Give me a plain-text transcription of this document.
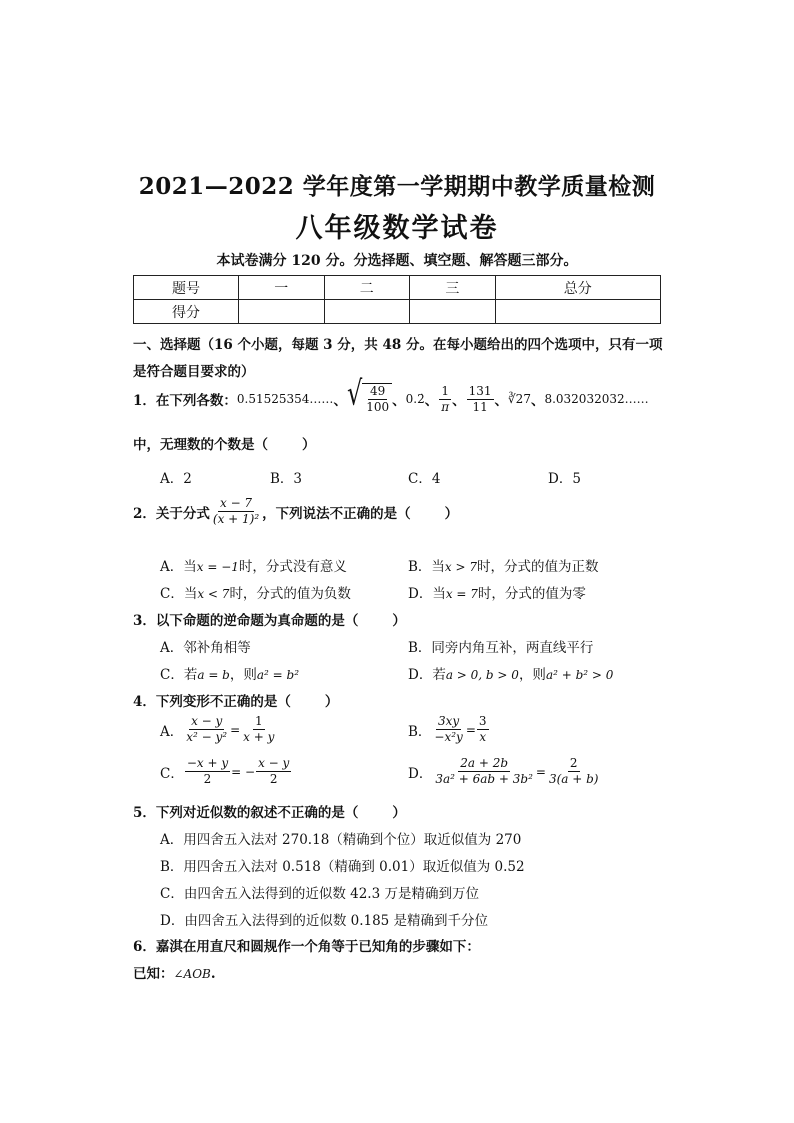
2021—2022 学年度第一学期期中教学质量检测
八年级数学试卷
本试卷满分 120 分。分选择题、填空题、解答题三部分。
题号	一	二	三	总分
得分				
一、选择题（16 个小题，每题 3 分，共 48 分。在每小题给出的四个选项中，只有一项
是符合题目要求的）
1．在下列各数： 0.51525354…… 、 √ $\frac{49}{100}$ 、 0.2̇ 、 $\frac{1}{\pi}$ 、 $\frac{131}{11}$ 、 ∛27 、 8.032032032……
中，无理数的个数是（	）
A．2	B．3	C．4	D．5
2．关于分式 $\frac{x - 7}{\text{(x + 1)²}}$ ，下列说法不正确的是（	）
A．当x = −1时，分式没有意义	B．当x > 7时，分式的值为正数
C．当x < 7时，分式的值为负数	D．当x = 7时，分式的值为零
3．以下命题的逆命题为真命题的是（	）
A．邻补角相等	B．同旁内角互补，两直线平行
C．若a = b，则a² = b²	D．若a > 0, b > 0，则a² + b² > 0
4．下列变形不正确的是（	）
A． $\frac{x - y}{\text{x² − y²}} = \frac{1}{x + y}$	B． $\frac{3xy}{\text{−x²y}} = \frac{3}{x}$
C． $\frac{-x + y}{2}$ = − $\frac{x - y}{2}$	D． $\frac{2a + 2b}{\text{3a² + 6ab + 3b²}} = \frac{2}{3(a + b)}$
5．下列对近似数的叙述不正确的是（	）
A．用四舍五入法对 270.18（精确到个位）取近似值为 270
B．用四舍五入法对 0.518（精确到 0.01）取近似值为 0.52
C．由四舍五入法得到的近似数 42.3 万是精确到万位
D．由四舍五入法得到的近似数 0.185 是精确到千分位
6．嘉淇在用直尺和圆规作一个角等于已知角的步骤如下：
已知：∠AOB.
